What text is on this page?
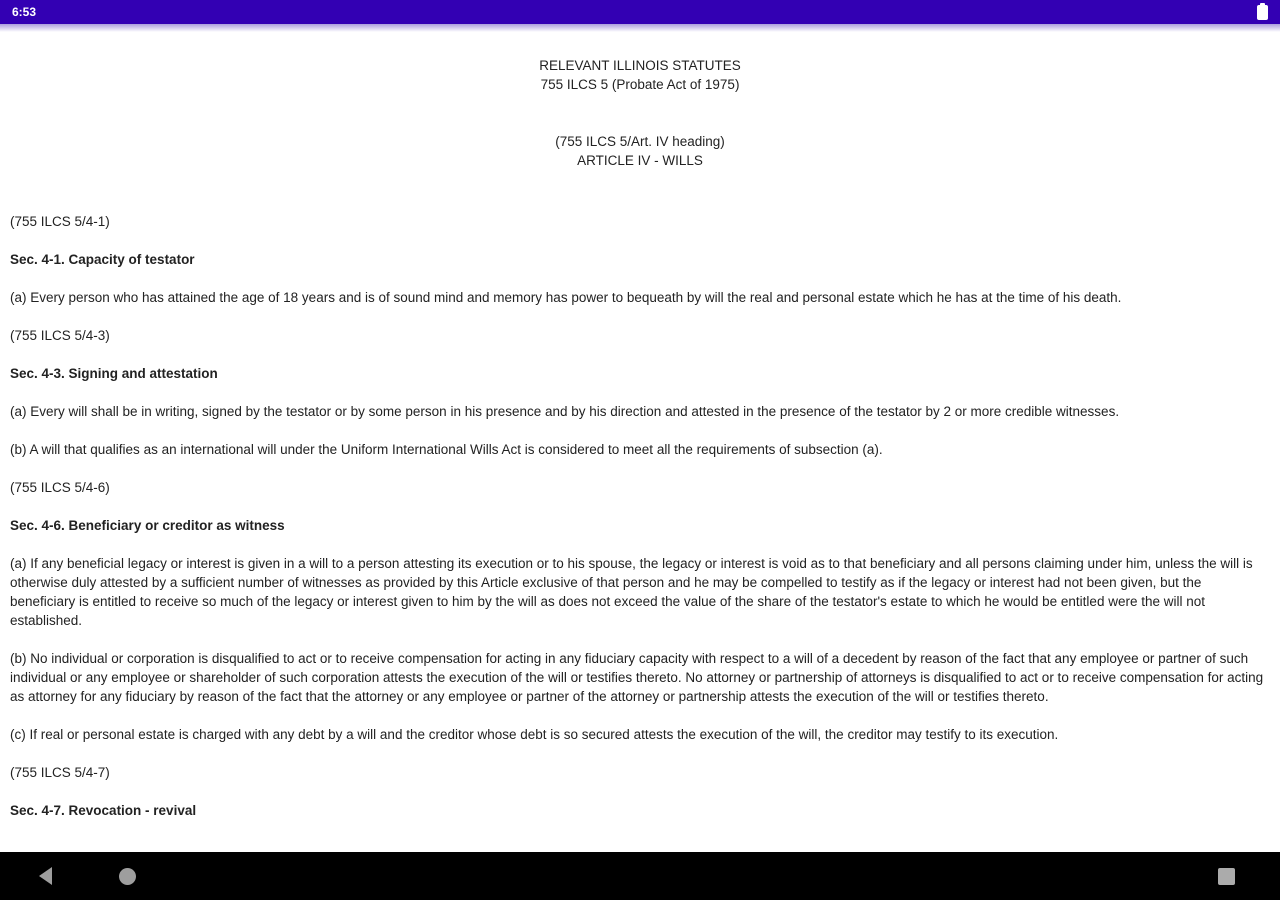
6:53
RELEVANT ILLINOIS STATUTES
755 ILCS 5 (Probate Act of 1975)
(755 ILCS 5/Art. IV heading)
ARTICLE IV - WILLS
(755 ILCS 5/4-1)
Sec. 4-1. Capacity of testator
(a) Every person who has attained the age of 18 years and is of sound mind and memory has power to bequeath by will the real and personal estate which he has at the time of his death.
(755 ILCS 5/4-3)
Sec. 4-3. Signing and attestation
(a) Every will shall be in writing, signed by the testator or by some person in his presence and by his direction and attested in the presence of the testator by 2 or more credible witnesses.
(b) A will that qualifies as an international will under the Uniform International Wills Act is considered to meet all the requirements of subsection (a).
(755 ILCS 5/4-6)
Sec. 4-6. Beneficiary or creditor as witness
(a) If any beneficial legacy or interest is given in a will to a person attesting its execution or to his spouse, the legacy or interest is void as to that beneficiary and all persons claiming under him, unless the will is otherwise duly attested by a sufficient number of witnesses as provided by this Article exclusive of that person and he may be compelled to testify as if the legacy or interest had not been given, but the beneficiary is entitled to receive so much of the legacy or interest given to him by the will as does not exceed the value of the share of the testator's estate to which he would be entitled were the will not established.
(b) No individual or corporation is disqualified to act or to receive compensation for acting in any fiduciary capacity with respect to a will of a decedent by reason of the fact that any employee or partner of such individual or any employee or shareholder of such corporation attests the execution of the will or testifies thereto. No attorney or partnership of attorneys is disqualified to act or to receive compensation for acting as attorney for any fiduciary by reason of the fact that the attorney or any employee or partner of the attorney or partnership attests the execution of the will or testifies thereto.
(c) If real or personal estate is charged with any debt by a will and the creditor whose debt is so secured attests the execution of the will, the creditor may testify to its execution.
(755 ILCS 5/4-7)
Sec. 4-7. Revocation - revival
